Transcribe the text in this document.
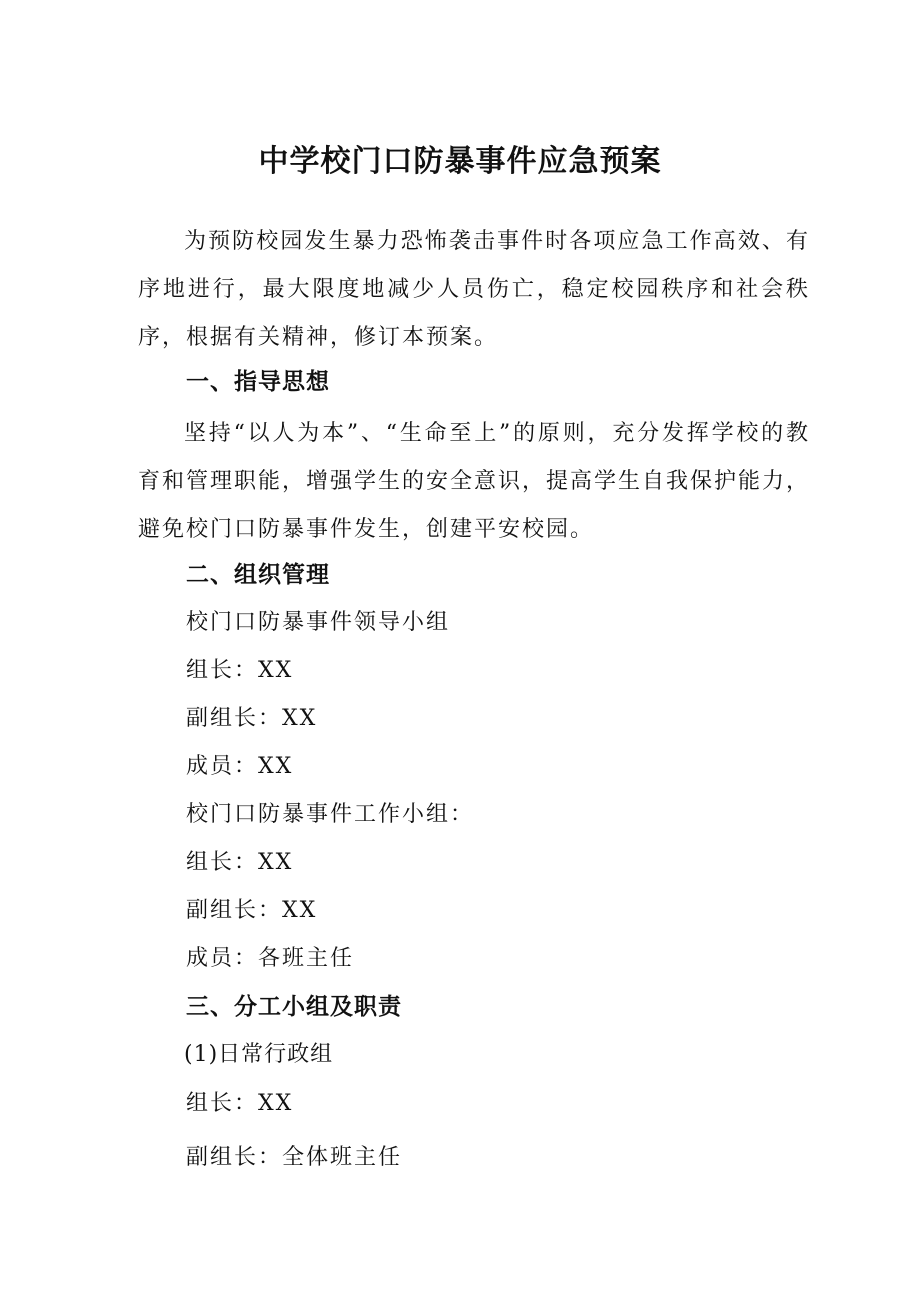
中学校门口防暴事件应急预案
为预防校园发生暴力恐怖袭击事件时各项应急工作高效、有序地进行，最大限度地减少人员伤亡，稳定校园秩序和社会秩序，根据有关精神，修订本预案。
一、指导思想
坚持“以人为本”、“生命至上”的原则，充分发挥学校的教育和管理职能，增强学生的安全意识，提高学生自我保护能力，避免校门口防暴事件发生，创建平安校园。
二、组织管理
校门口防暴事件领导小组
组长：XX
副组长：XX
成员：XX
校门口防暴事件工作小组：
组长：XX
副组长：XX
成员：各班主任
三、分工小组及职责
(1)日常行政组
组长：XX
副组长：全体班主任
